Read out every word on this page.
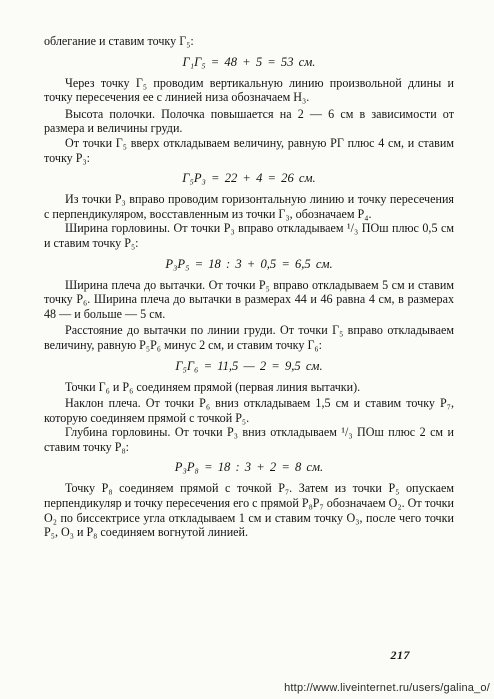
облегание и ставим точку Г₅:

Г₁Г₅ = 48 + 5 = 53 см.

Через точку Г₅ проводим вертикальную линию произвольной длины и точку пересечения ее с линией низа обозначаем Н₃.

Высота полочки. Полочка повышается на 2 — 6 см в зависимости от размера и величины груди.

От точки Г₅ вверх откладываем величину, равную РГ плюс 4 см, и ставим точку Р₃:

Г₅Р₃ = 22 + 4 = 26 см.

Из точки Р₃ вправо проводим горизонтальную линию и точку пересечения с перпендикуляром, восставленным из точки Г₃, обозначаем Р₄.

Ширина горловины. От точки Р₃ вправо откладываем ¹/₃ ПОш плюс 0,5 см и ставим точку Р₅:

Р₃Р₅ = 18 : 3 + 0,5 = 6,5 см.

Ширина плеча до вытачки. От точки Р₅ вправо откладываем 5 см и ставим точку Р₆. Ширина плеча до вытачки в размерах 44 и 46 равна 4 см, в размерах 48 — и больше — 5 см.

Расстояние до вытачки по линии груди. От точки Г₅ вправо откладываем величину, равную Р₅Р₆ минус 2 см, и ставим точку Г₆:

Г₅Г₆ = 11,5 — 2 = 9,5 см.

Точки Г₆ и Р₆ соединяем прямой (первая линия вытачки).

Наклон плеча. От точки Р₆ вниз откладываем 1,5 см и ставим точку Р₇, которую соединяем прямой с точкой Р₅.

Глубина горловины. От точки Р₃ вниз откладываем ¹/₃ ПОш плюс 2 см и ставим точку Р₈:

Р₃Р₈ = 18 : 3 + 2 = 8 см.

Точку Р₈ соединяем прямой с точкой Р₇. Затем из точки Р₅ опускаем перпендикуляр и точку пересечения его с прямой Р₈Р₇ обозначаем О₂. От точки О₂ по биссектрисе угла откладываем 1 см и ставим точку О₃, после чего точки Р₅, О₃ и Р₈ соединяем вогнутой линией.

217
http://www.liveinternet.ru/users/galina_o/
